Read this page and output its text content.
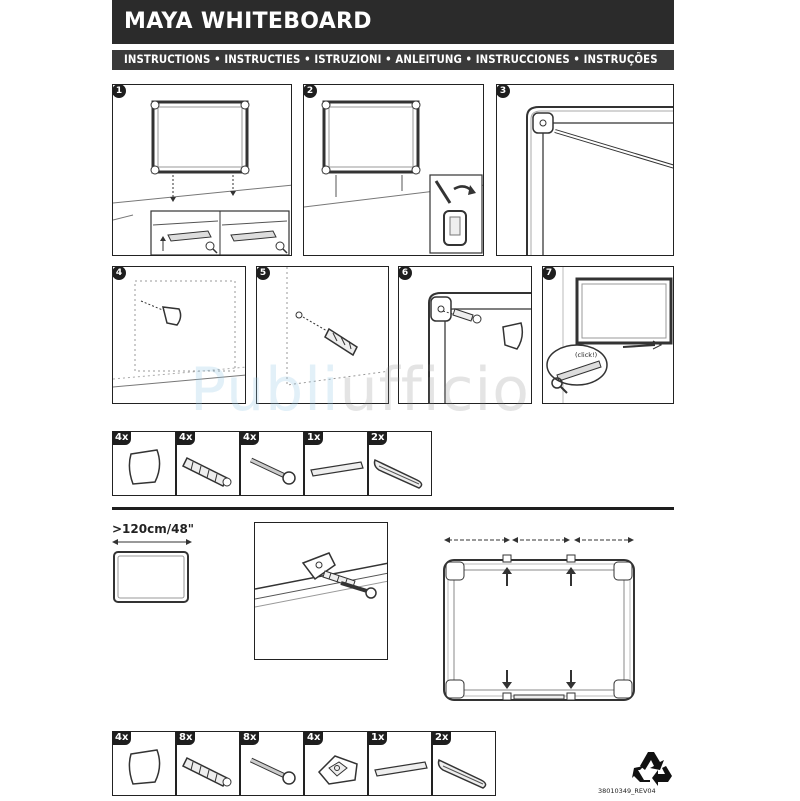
MAYA WHITEBOARD
INSTRUCTIONS • INSTRUCTIES • ISTRUZIONI • ANLEITUNG • INSTRUCCIONES • INSTRUÇÕES
1	2	3
4	5	6	7
(click!)
Publiufficio
4x	4x	4x	1x	2x
>120cm/48"
4x	8x	8x	4x	1x	2x
38010349_REV04
